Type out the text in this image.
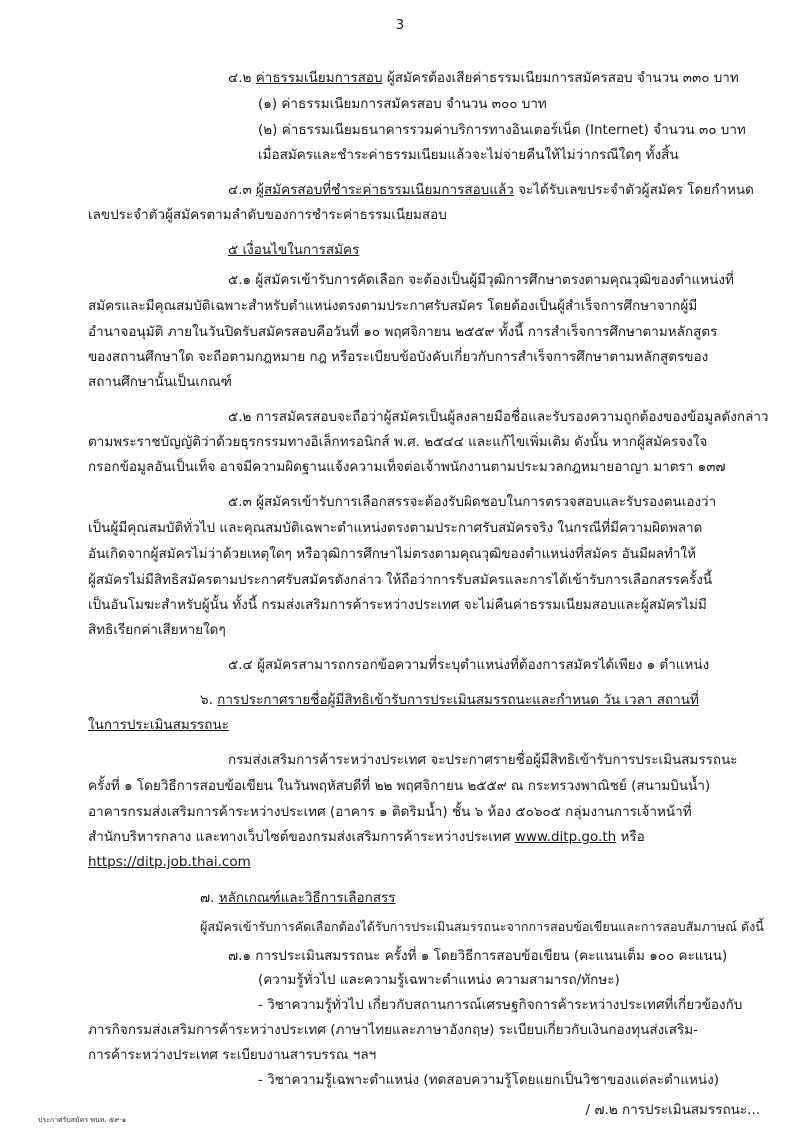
3
๔.๒ ค่าธรรมเนียมการสอบ ผู้สมัครต้องเสียค่าธรรมเนียมการสมัครสอบ จำนวน ๓๓๐ บาท
(๑) ค่าธรรมเนียมการสมัครสอบ จำนวน ๓๐๐ บาท
(๒) ค่าธรรมเนียมธนาคารรวมค่าบริการทางอินเตอร์เน็ต (Internet) จำนวน ๓๐ บาท
เมื่อสมัครและชำระค่าธรรมเนียมแล้วจะไม่จ่ายคืนให้ไม่ว่ากรณีใดๆ ทั้งสิ้น
๔.๓ ผู้สมัครสอบที่ชำระค่าธรรมเนียมการสอบแล้ว จะได้รับเลขประจำตัวผู้สมัคร โดยกำหนด
เลขประจำตัวผู้สมัครตามลำดับของการชำระค่าธรรมเนียมสอบ
๕ เงื่อนไขในการสมัคร
๕.๑ ผู้สมัครเข้ารับการคัดเลือก จะต้องเป็นผู้มีวุฒิการศึกษาตรงตามคุณวุฒิของตำแหน่งที่
สมัครและมีคุณสมบัติเฉพาะสำหรับตำแหน่งตรงตามประกาศรับสมัคร โดยต้องเป็นผู้สำเร็จการศึกษาจากผู้มี
อำนาจอนุมัติ ภายในวันปิดรับสมัครสอบคือวันที่ ๑๐ พฤศจิกายน ๒๕๕๙ ทั้งนี้ การสำเร็จการศึกษาตามหลักสูตร
ของสถานศึกษาใด จะถือตามกฎหมาย กฎ หรือระเบียบข้อบังคับเกี่ยวกับการสำเร็จการศึกษาตามหลักสูตรของ
สถานศึกษานั้นเป็นเกณฑ์
๕.๒ การสมัครสอบจะถือว่าผู้สมัครเป็นผู้ลงลายมือชื่อและรับรองความถูกต้องของข้อมูลดังกล่าว
ตามพระราชบัญญัติว่าด้วยธุรกรรมทางอิเล็กทรอนิกส์ พ.ศ. ๒๕๔๔ และแก้ไขเพิ่มเติม ดังนั้น หากผู้สมัครจงใจ
กรอกข้อมูลอันเป็นเท็จ อาจมีความผิดฐานแจ้งความเท็จต่อเจ้าพนักงานตามประมวลกฎหมายอาญา มาตรา ๑๓๗
๕.๓ ผู้สมัครเข้ารับการเลือกสรรจะต้องรับผิดชอบในการตรวจสอบและรับรองตนเองว่า
เป็นผู้มีคุณสมบัติทั่วไป และคุณสมบัติเฉพาะตำแหน่งตรงตามประกาศรับสมัครจริง ในกรณีที่มีความผิดพลาด
อันเกิดจากผู้สมัครไม่ว่าด้วยเหตุใดๆ หรือวุฒิการศึกษาไม่ตรงตามคุณวุฒิของตำแหน่งที่สมัคร อันมีผลทำให้
ผู้สมัครไม่มีสิทธิสมัครตามประกาศรับสมัครดังกล่าว ให้ถือว่าการรับสมัครและการได้เข้ารับการเลือกสรรครั้งนี้
เป็นอันโมฆะสำหรับผู้นั้น ทั้งนี้ กรมส่งเสริมการค้าระหว่างประเทศ จะไม่คืนค่าธรรมเนียมสอบและผู้สมัครไม่มี
สิทธิเรียกค่าเสียหายใดๆ
๕.๔ ผู้สมัครสามารถกรอกข้อความที่ระบุตำแหน่งที่ต้องการสมัครได้เพียง ๑ ตำแหน่ง
๖. การประกาศรายชื่อผู้มีสิทธิเข้ารับการประเมินสมรรถนะและกำหนด วัน เวลา สถานที่
ในการประเมินสมรรถนะ
กรมส่งเสริมการค้าระหว่างประเทศ จะประกาศรายชื่อผู้มีสิทธิเข้ารับการประเมินสมรรถนะ
ครั้งที่ ๑ โดยวิธีการสอบข้อเขียน ในวันพฤหัสบดีที่ ๒๒ พฤศจิกายน ๒๕๕๙ ณ กระทรวงพาณิชย์ (สนามบินน้ำ)
อาคารกรมส่งเสริมการค้าระหว่างประเทศ (อาคาร ๑ ติดริมน้ำ) ชั้น ๖ ห้อง ๕๐๖๐๕ กลุ่มงานการเจ้าหน้าที่
สำนักบริหารกลาง และทางเว็บไซต์ของกรมส่งเสริมการค้าระหว่างประเทศ www.ditp.go.th หรือ
https://ditp.job.thai.com
๗. หลักเกณฑ์และวิธีการเลือกสรร
ผู้สมัครเข้ารับการคัดเลือกต้องได้รับการประเมินสมรรถนะจากการสอบข้อเขียนและการสอบสัมภาษณ์ ดังนี้
๗.๑ การประเมินสมรรถนะ ครั้งที่ ๑ โดยวิธีการสอบข้อเขียน (คะแนนเต็ม ๑๐๐ คะแนน)
(ความรู้ทั่วไป และความรู้เฉพาะตำแหน่ง ความสามารถ/ทักษะ)
- วิชาความรู้ทั่วไป เกี่ยวกับสถานการณ์เศรษฐกิจการค้าระหว่างประเทศที่เกี่ยวข้องกับ
ภารกิจกรมส่งเสริมการค้าระหว่างประเทศ (ภาษาไทยและภาษาอังกฤษ) ระเบียบเกี่ยวกับเงินกองทุนส่งเสริม-
การค้าระหว่างประเทศ ระเบียบงานสารบรรณ ฯลฯ
- วิชาความรู้เฉพาะตำแหน่ง (ทดสอบความรู้โดยแยกเป็นวิชาของแต่ละตำแหน่ง)
/ ๗.๒ การประเมินสมรรถนะ...
ประกาศรับสมัคร พนท. ๕๙-๑
